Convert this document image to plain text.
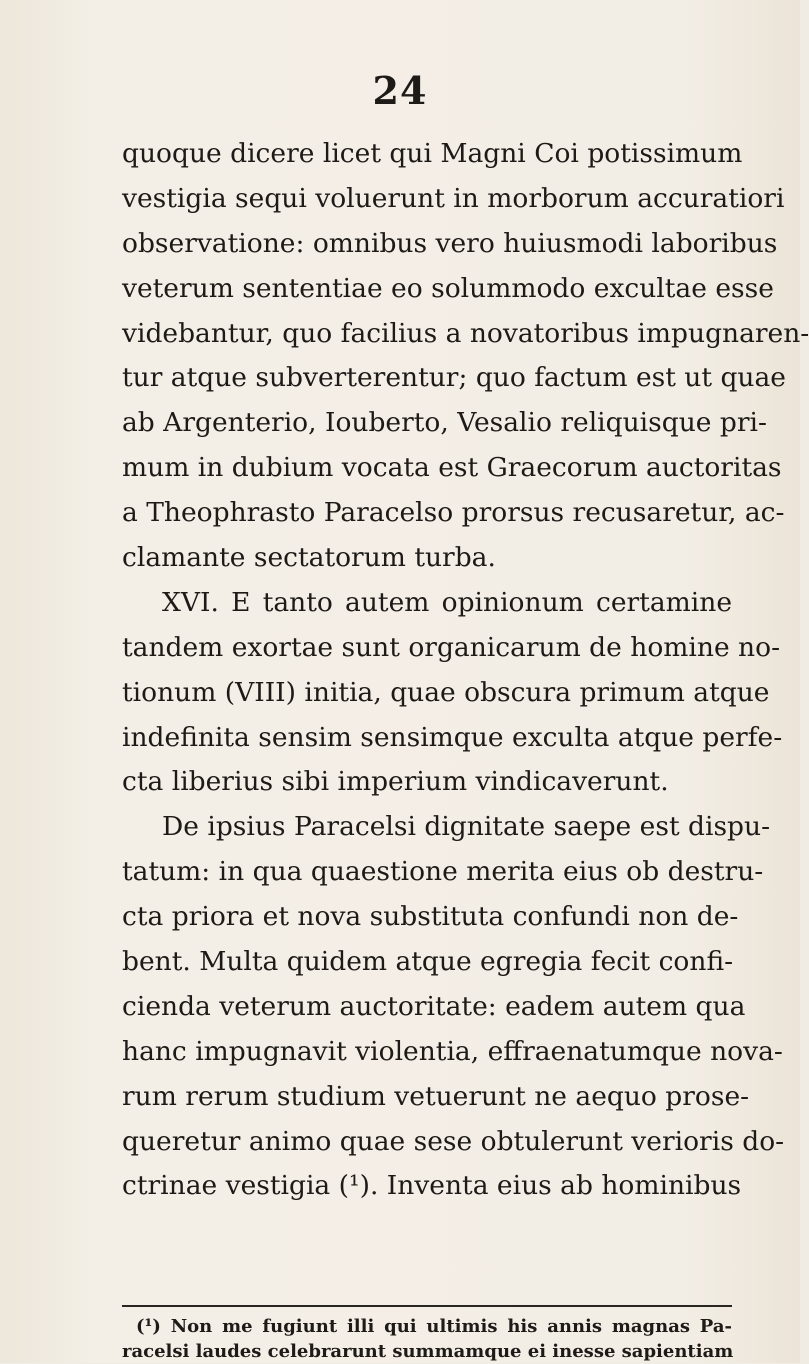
24
quoque dicere licet qui Magni Coi potissimum
vestigia sequi voluerunt in morborum accuratiori
observatione: omnibus vero huiusmodi laboribus
veterum sententiae eo solummodo excultae esse
videbantur, quo facilius a novatoribus impugnaren-
tur atque subverterentur; quo factum est ut quae
ab Argenterio, Iouberto, Vesalio reliquisque pri-
mum in dubium vocata est Graecorum auctoritas
a Theophrasto Paracelso prorsus recusaretur, ac-
clamante sectatorum turba.
XVI. E tanto autem opinionum certamine
tandem exortae sunt organicarum de homine no-
tionum (VIII) initia, quae obscura primum atque
indefinita sensim sensimque exculta atque perfe-
cta liberius sibi imperium vindicaverunt.
De ipsius Paracelsi dignitate saepe est dispu-
tatum: in qua quaestione merita eius ob destru-
cta priora et nova substituta confundi non de-
bent. Multa quidem atque egregia fecit confi-
cienda veterum auctoritate: eadem autem qua
hanc impugnavit violentia, effraenatumque nova-
rum rerum studium vetuerunt ne aequo prose-
queretur animo quae sese obtulerunt verioris do-
ctrinae vestigia (¹). Inventa eius ab hominibus
(¹) Non me fugiunt illi qui ultimis his annis magnas Pa-
racelsi laudes celebrarunt summamque ei inesse sapientiam
